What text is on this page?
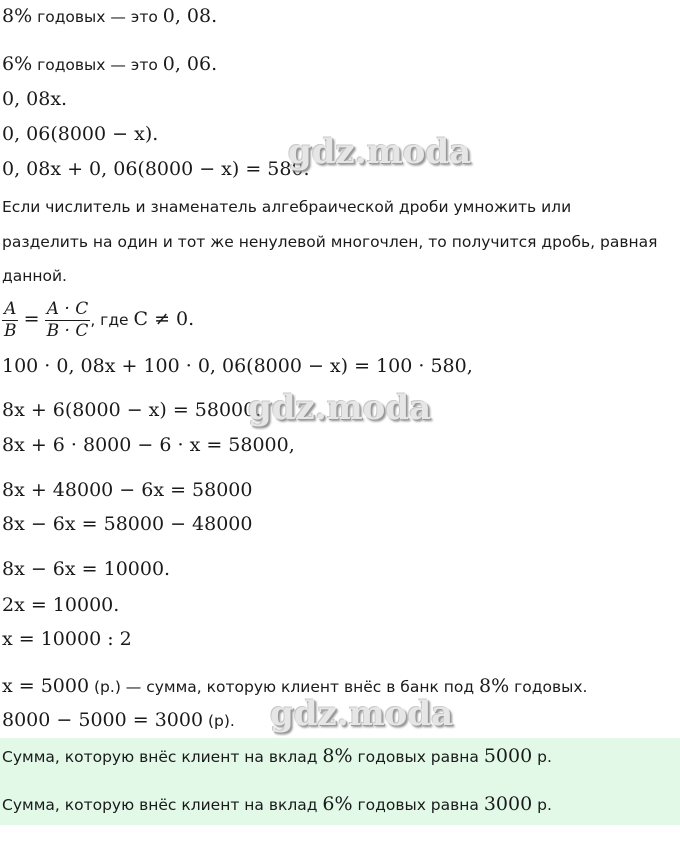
8% годовых — это 0, 08.
6% годовых — это 0, 06.
0, 08x.
0, 06(8000 − x).
0, 08x + 0, 06(8000 − x) = 580.
Если числитель и знаменатель алгебраической дроби умножить или
разделить на один и тот же ненулевой многочлен, то получится дробь, равная
данной.
$\frac{A}{B} = \frac{A \cdot C}{B \cdot C}$ , где C ≠ 0.
100 · 0, 08x + 100 · 0, 06(8000 − x) = 100 · 580,
8x + 6(8000 − x) = 58000.
8x + 6 · 8000 − 6 · x = 58000,
8x + 48000 − 6x = 58000
8x − 6x = 58000 − 48000
8x − 6x = 10000.
2x = 10000.
x = 10000 : 2
x = 5000 (р.) — сумма, которую клиент внёс в банк под 8% годовых.
8000 − 5000 = 3000 (р).
Сумма, которую внёс клиент на вклад 8% годовых равна 5000 р.
Сумма, которую внёс клиент на вклад 6% годовых равна 3000 р.
gdz.moda
gdz.moda
gdz.moda
